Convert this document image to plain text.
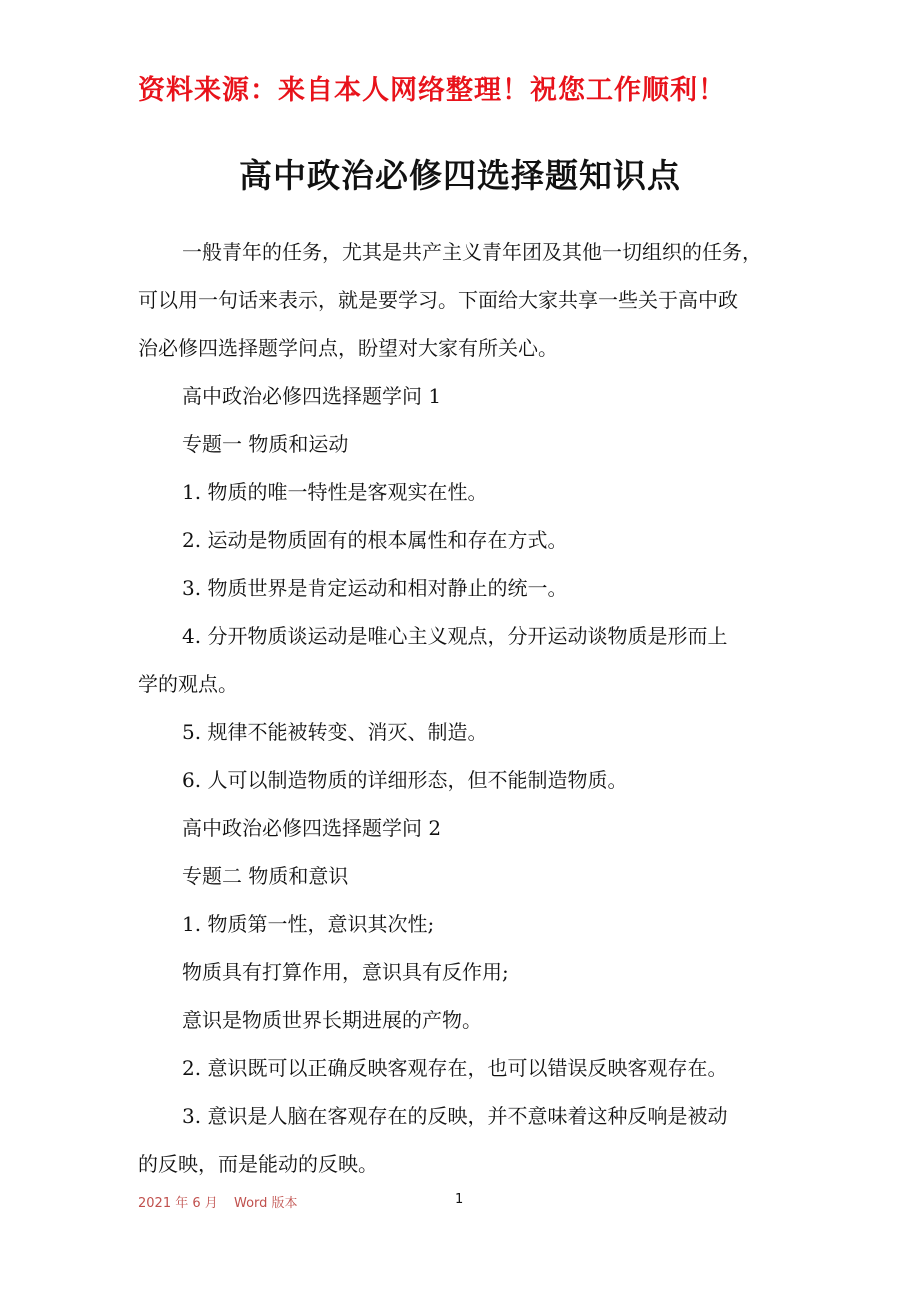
资料来源：来自本人网络整理！祝您工作顺利！
高中政治必修四选择题知识点
一般青年的任务，尤其是共产主义青年团及其他一切组织的任务，
可以用一句话来表示，就是要学习。下面给大家共享一些关于高中政
治必修四选择题学问点，盼望对大家有所关心。
高中政治必修四选择题学问 1
专题一 物质和运动
1. 物质的唯一特性是客观实在性。
2. 运动是物质固有的根本属性和存在方式。
3. 物质世界是肯定运动和相对静止的统一。
4. 分开物质谈运动是唯心主义观点，分开运动谈物质是形而上
学的观点。
5. 规律不能被转变、消灭、制造。
6. 人可以制造物质的详细形态，但不能制造物质。
高中政治必修四选择题学问 2
专题二 物质和意识
1. 物质第一性，意识其次性;
物质具有打算作用，意识具有反作用;
意识是物质世界长期进展的产物。
2. 意识既可以正确反映客观存在，也可以错误反映客观存在。
3. 意识是人脑在客观存在的反映，并不意味着这种反响是被动
的反映，而是能动的反映。
2021 年 6 月 Word 版本	1
